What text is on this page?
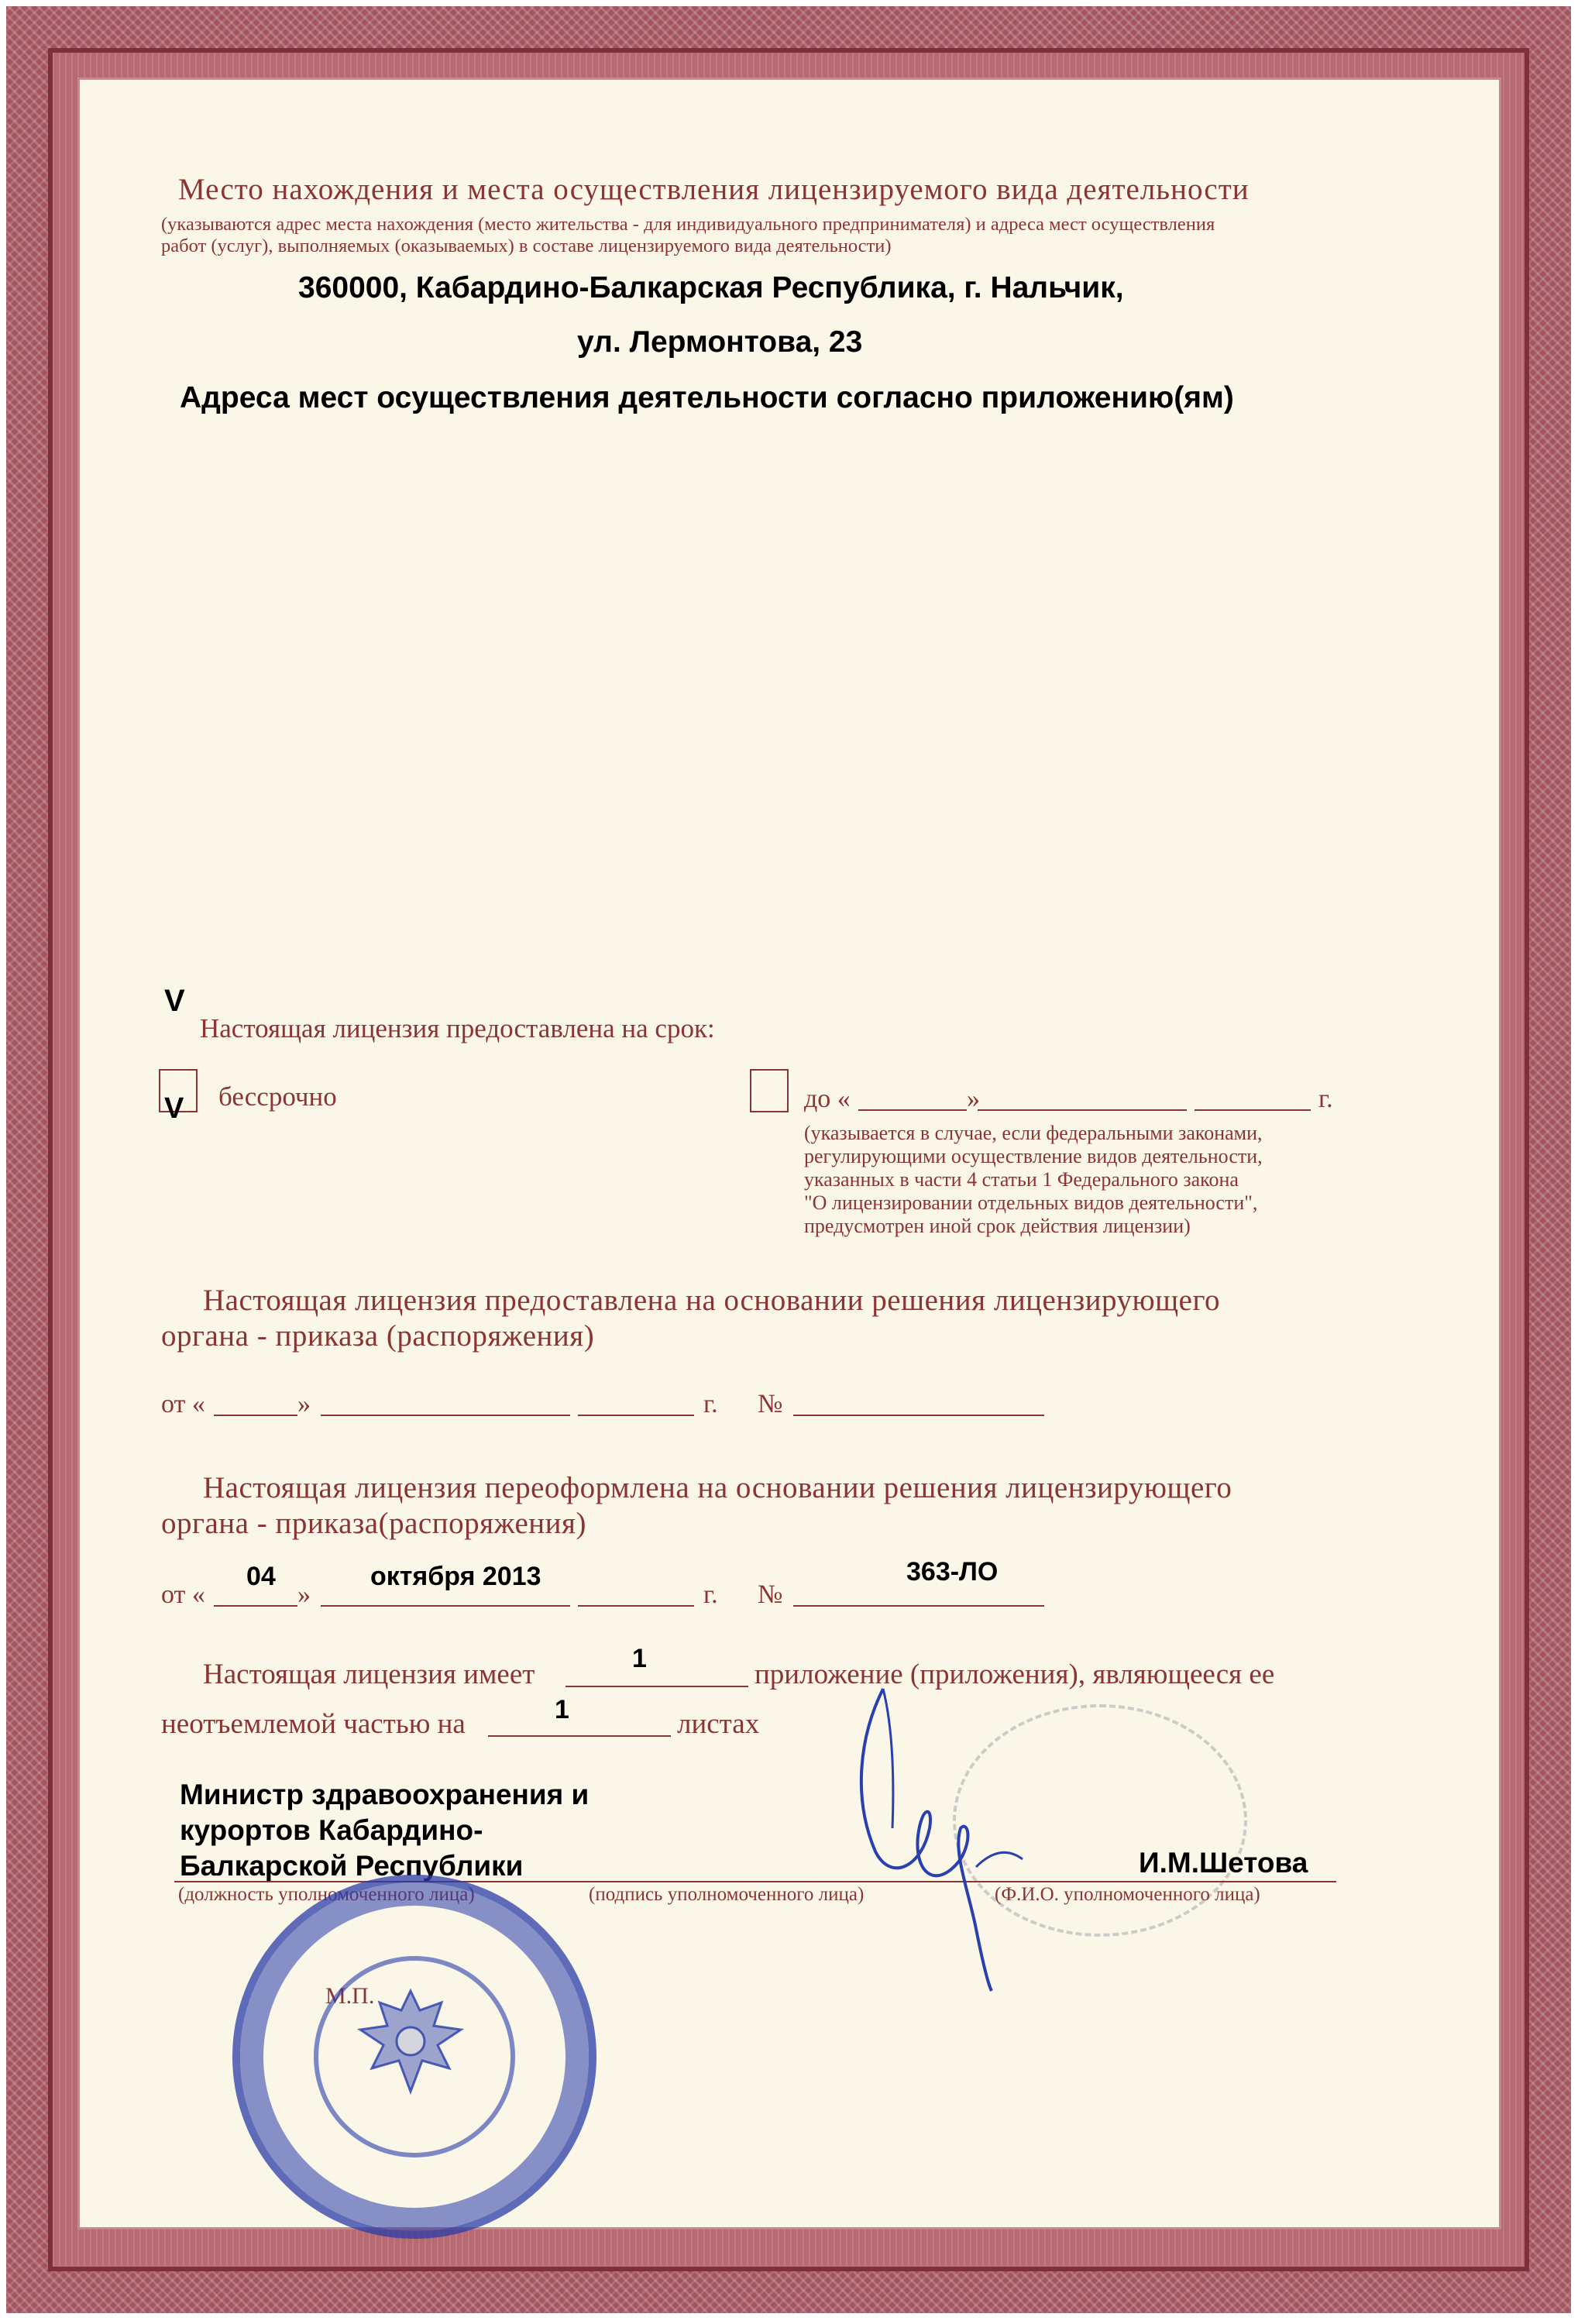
Место нахождения и места осуществления лицензируемого вида деятельности
(указываются адрес места нахождения (место жительства - для индивидуального предпринимателя) и адреса мест осуществления
работ (услуг), выполняемых (оказываемых) в составе лицензируемого вида деятельности)
360000, Кабардино-Балкарская Республика, г. Нальчик,
ул. Лермонтова, 23
Адреса мест осуществления деятельности согласно приложению(ям)
V
Настоящая лицензия предоставлена на срок:
V бессрочно	до «	»	г.
(указывается в случае, если федеральными законами,
регулирующими осуществление видов деятельности,
указанных в части 4 статьи 1 Федерального закона
"О лицензировании отдельных видов деятельности",
предусмотрен иной срок действия лицензии)
Настоящая лицензия предоставлена на основании решения лицензирующего
органа - приказа (распоряжения)
от «	»	г. №
Настоящая лицензия переоформлена на основании решения лицензирующего
органа - приказа(распоряжения)
04	октября 2013	363-ЛО
от «	»	г. №
Настоящая лицензия имеет	1	приложение (приложения), являющееся ее
неотъемлемой частью на	1	листах
Министр здравоохранения и
курортов Кабардино-
Балкарской Республики	И.М.Шетова
(должность уполномоченного лица)	(подпись уполномоченного лица)	(Ф.И.О. уполномоченного лица)
М.П.
